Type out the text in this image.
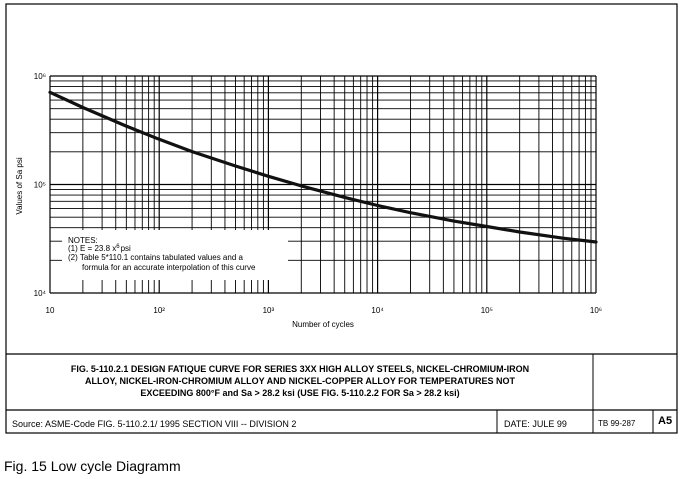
10	10²	10³	10⁴	10⁵	10⁶
10⁶
10⁵
10⁴
NOTES:
(1) E = 23.8 $x^6psi$
(2) Table 5*110.1 contains tabulated values and a
formula for an accurate interpolation of this curve
Number of cycles
Values of Sa psi
FIG. 5-110.2.1 DESIGN FATIQUE CURVE FOR SERIES 3XX HIGH ALLOY STEELS, NICKEL-CHROMIUM-IRON
ALLOY, NICKEL-IRON-CHROMIUM ALLOY AND NICKEL-COPPER ALLOY FOR TEMPERATURES NOT
EXCEEDING 800°F and Sa > 28.2 ksi (USE FIG. 5-110.2.2 FOR Sa > 28.2 ksi)
Source: ASME-Code FIG. 5-110.2.1/ 1995 SECTION VIII -- DIVISION 2	DATE: JULE 99	TB 99-287 A5
Fig. 15 Low cycle Diagramm
